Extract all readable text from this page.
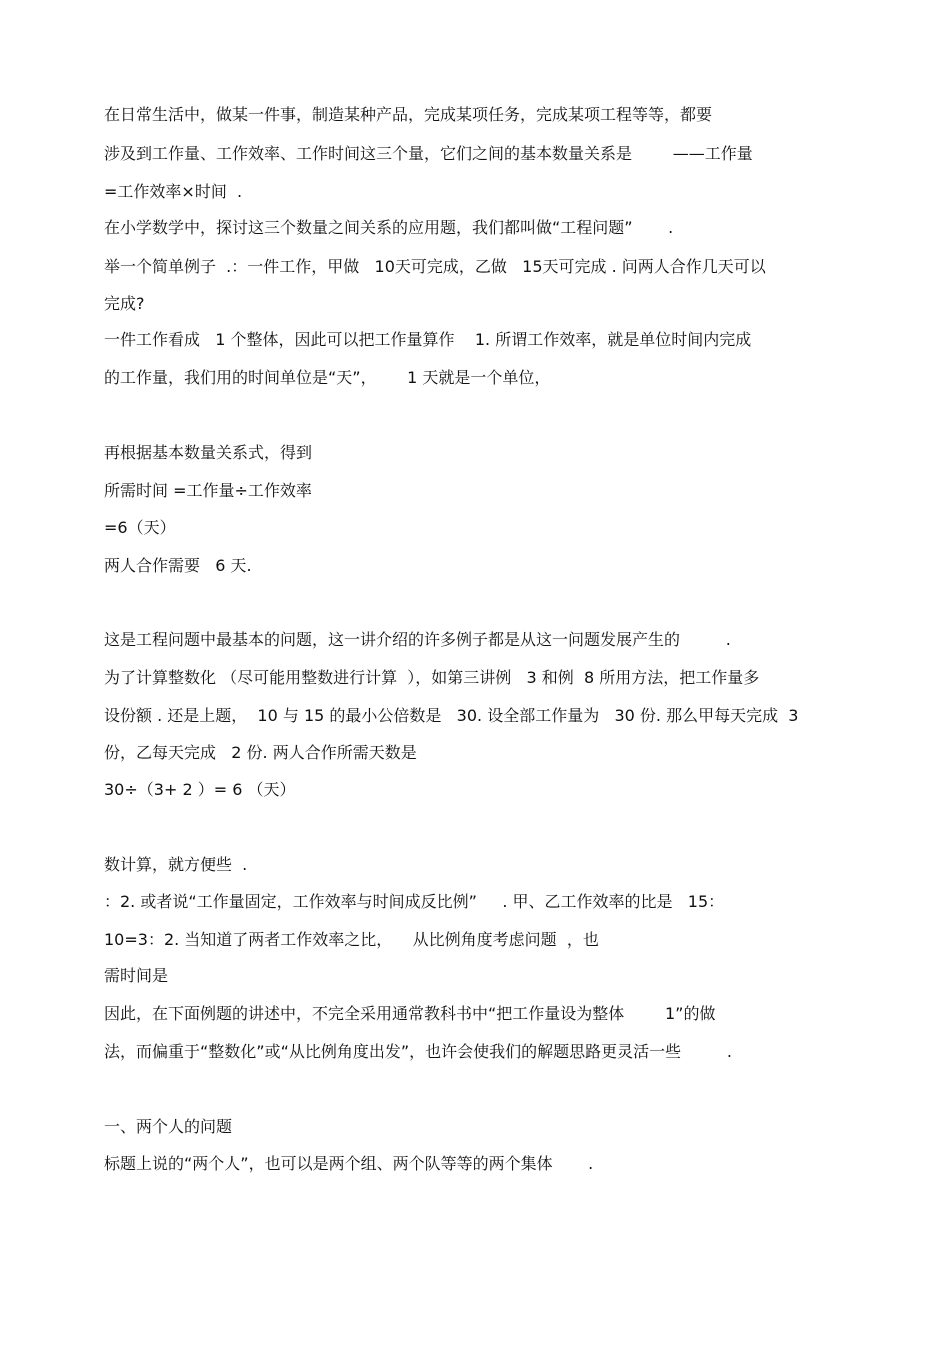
在日常生活中，做某一件事，制造某种产品，完成某项任务，完成某项工程等等，都要
涉及到工作量、工作效率、工作时间这三个量，它们之间的基本数量关系是        ——工作量
=工作效率×时间  .
在小学数学中，探讨这三个数量之间关系的应用题，我们都叫做“工程问题”       .
举一个简单例子  .：一件工作，甲做   10天可完成，乙做   15天可完成 . 问两人合作几天可以
完成?
一件工作看成   1 个整体，因此可以把工作量算作    1. 所谓工作效率，就是单位时间内完成
的工作量，我们用的时间单位是“天”，      1 天就是一个单位，
再根据基本数量关系式，得到
所需时间 =工作量÷工作效率
=6（天）
两人合作需要   6 天.
这是工程问题中最基本的问题，这一讲介绍的许多例子都是从这一问题发展产生的         .
为了计算整数化 （尽可能用整数进行计算  ），如第三讲例   3 和例  8 所用方法，把工作量多
设份额 . 还是上题，  10 与 15 的最小公倍数是   30. 设全部工作量为   30 份. 那么甲每天完成  3
份，乙每天完成   2 份. 两人合作所需天数是
30÷（3+ 2 ）= 6 （天）
数计算，就方便些  .
：2. 或者说“工作量固定，工作效率与时间成反比例”     . 甲、乙工作效率的比是   15：
10=3：2. 当知道了两者工作效率之比，    从比例角度考虑问题  ，也
需时间是
因此，在下面例题的讲述中，不完全采用通常教科书中“把工作量设为整体        1”的做
法，而偏重于“整数化”或“从比例角度出发”，也许会使我们的解题思路更灵活一些         .
一、两个人的问题
标题上说的“两个人”，也可以是两个组、两个队等等的两个集体       .
